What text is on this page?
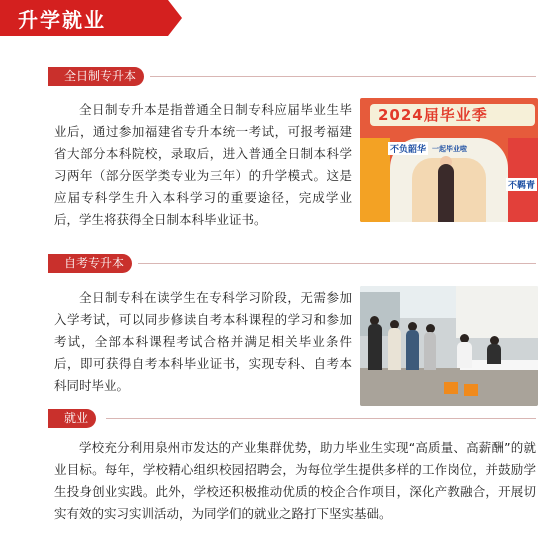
升学就业
全日制专升本

全日制专升本是指普通全日制专科应届毕业生毕业后，通过参加福建省专升本统一考试，可报考福建省大部分本科院校，录取后，进入普通全日制本科学习两年（部分医学类专业为三年）的升学模式。这是应届专科学生升入本科学习的重要途径，完成学业后，学生将获得全日制本科毕业证书。

2024届毕业季
不负韶华
不羁青
一起毕业啦
自考专升本

全日制专科在读学生在专科学习阶段，无需参加入学考试，可以同步修读自考本科课程的学习和参加考试，全部本科课程考试合格并满足相关毕业条件后，即可获得自考本科毕业证书，实现专科、自考本科同时毕业。

就业

学校充分利用泉州市发达的产业集群优势，助力毕业生实现“高质量、高薪酬”的就业目标。每年，学校精心组织校园招聘会，为每位学生提供多样的工作岗位，并鼓励学生投身创业实践。此外，学校还积极推动优质的校企合作项目，深化产教融合，开展切实有效的实习实训活动，为同学们的就业之路打下坚实基础。
